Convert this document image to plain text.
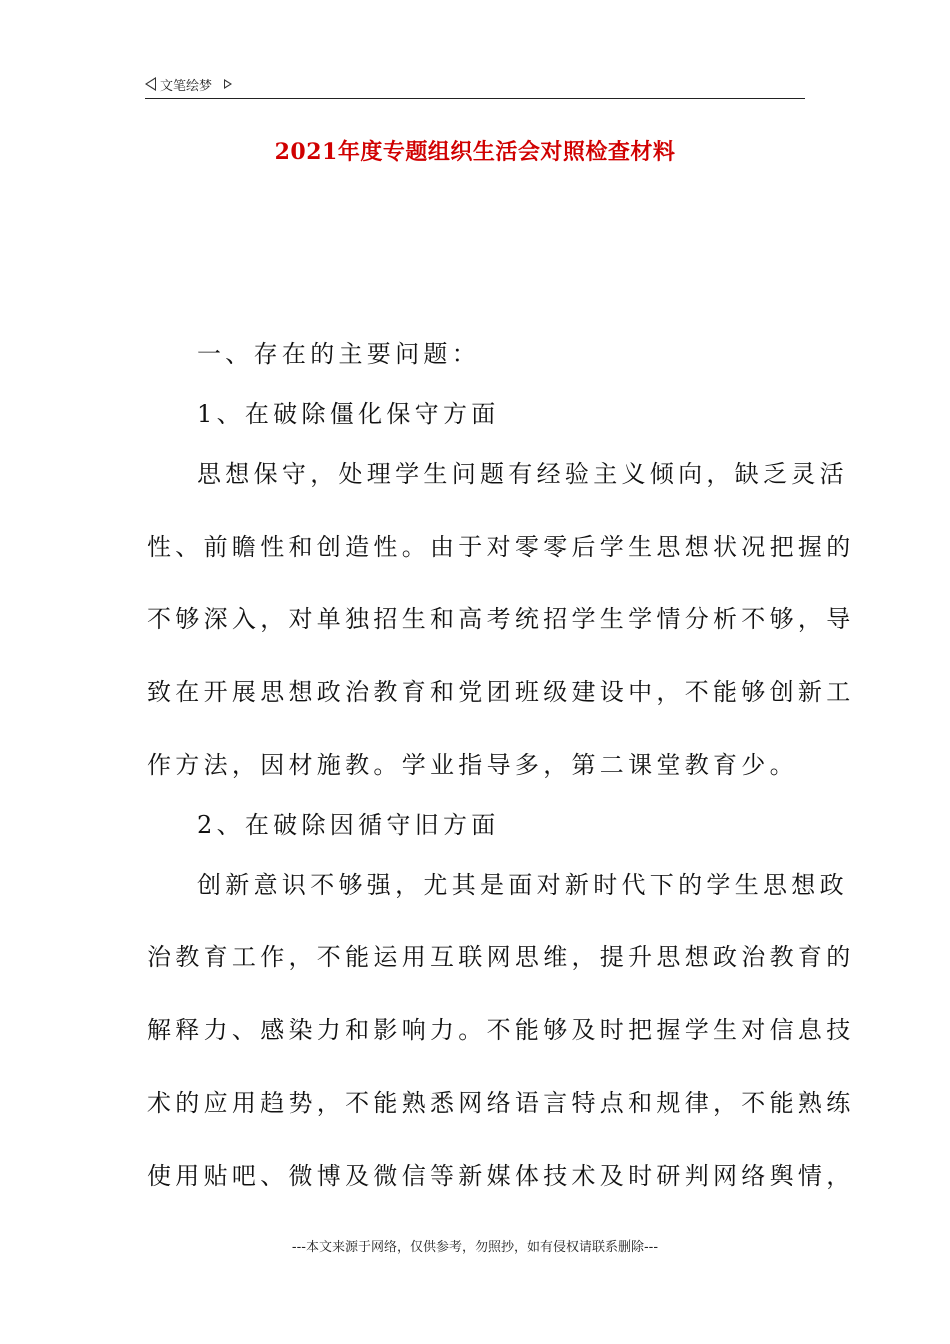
文笔绘梦
2021年度专题组织生活会对照检查材料
一、存在的主要问题：
1、在破除僵化保守方面
思想保守，处理学生问题有经验主义倾向，缺乏灵活
性、前瞻性和创造性。由于对零零后学生思想状况把握的
不够深入，对单独招生和高考统招学生学情分析不够，导
致在开展思想政治教育和党团班级建设中，不能够创新工
作方法，因材施教。学业指导多，第二课堂教育少。
2、在破除因循守旧方面
创新意识不够强，尤其是面对新时代下的学生思想政
治教育工作，不能运用互联网思维，提升思想政治教育的
解释力、感染力和影响力。不能够及时把握学生对信息技
术的应用趋势，不能熟悉网络语言特点和规律，不能熟练
使用贴吧、微博及微信等新媒体技术及时研判网络舆情，
---本文来源于网络，仅供参考，勿照抄，如有侵权请联系删除---
